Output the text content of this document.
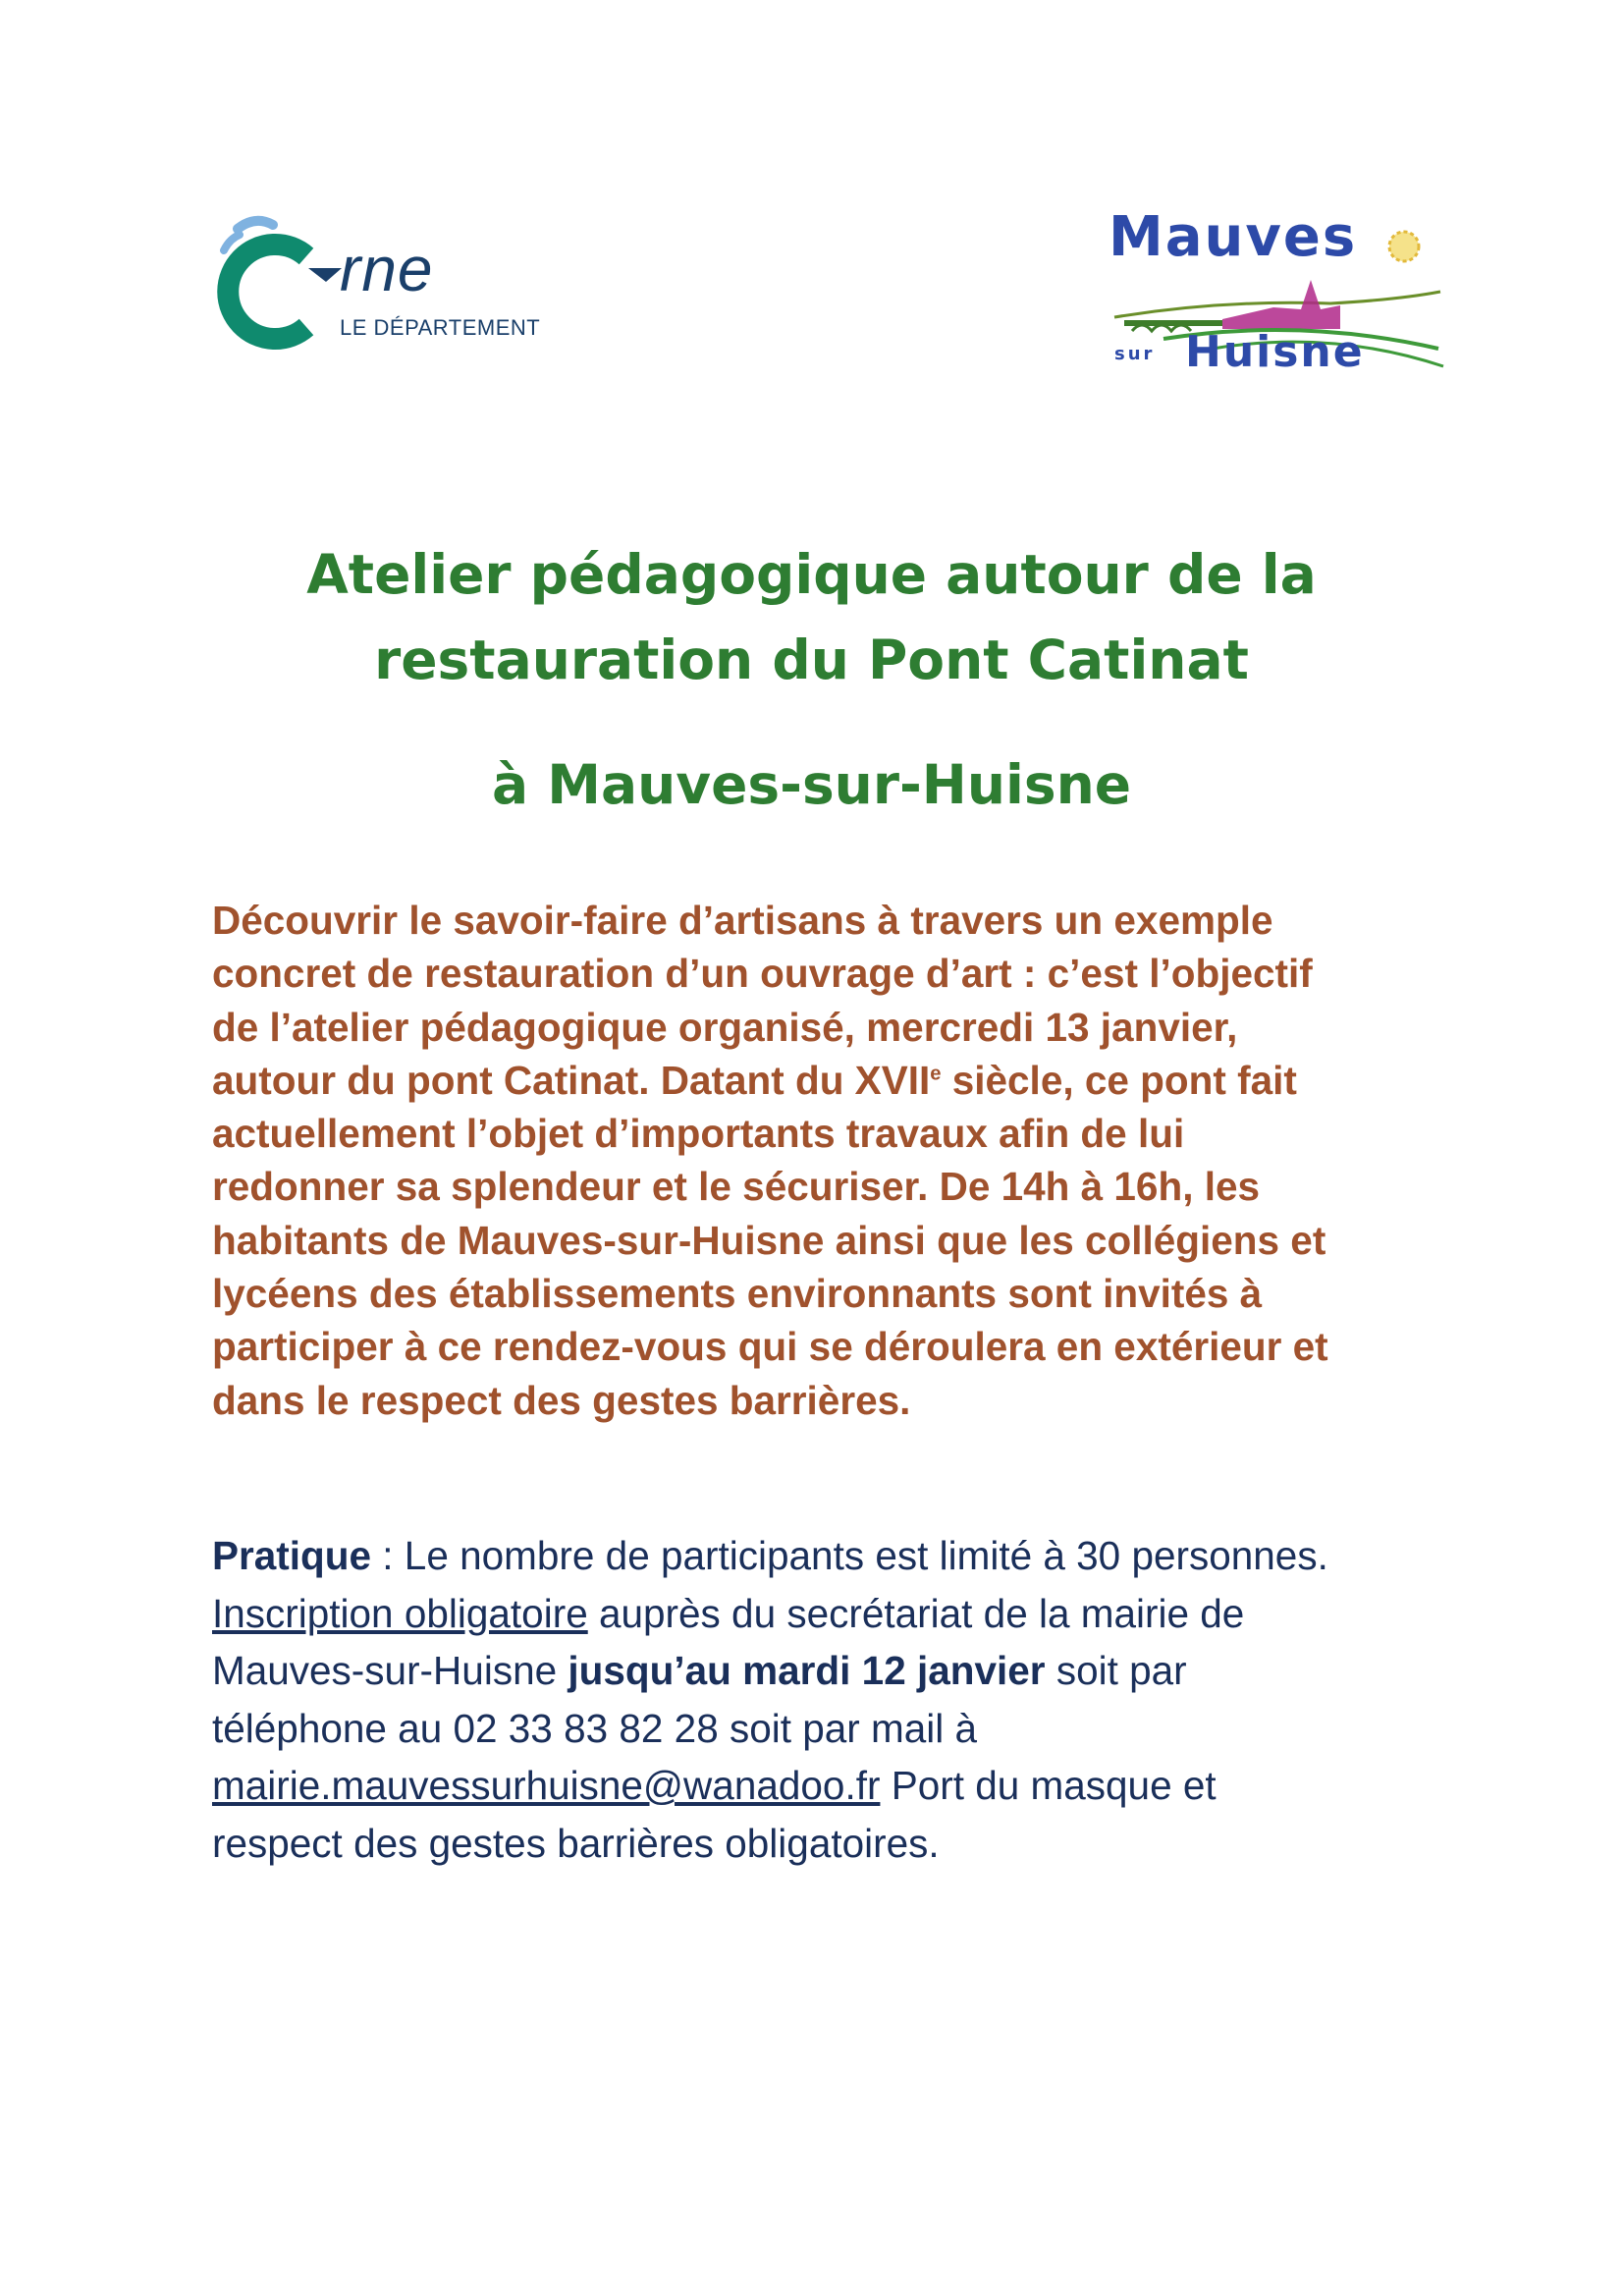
rne
LE DÉPARTEMENT
Mauves
sur Huisne
Atelier pédagogique autour de la
restauration du Pont Catinat
à Mauves-sur-Huisne
Découvrir le savoir-faire d’artisans à travers un exemple
concret de restauration d’un ouvrage d’art : c’est l’objectif
de l’atelier pédagogique organisé, mercredi 13 janvier,
autour du pont Catinat. Datant du XVIIe siècle, ce pont fait
actuellement l’objet d’importants travaux afin de lui
redonner sa splendeur et le sécuriser. De 14h à 16h, les
habitants de Mauves-sur-Huisne ainsi que les collégiens et
lycéens des établissements environnants sont invités à
participer à ce rendez-vous qui se déroulera en extérieur et
dans le respect des gestes barrières.
Pratique : Le nombre de participants est limité à 30 personnes.
Inscription obligatoire auprès du secrétariat de la mairie de
Mauves-sur-Huisne jusqu’au mardi 12 janvier soit par
téléphone au 02 33 83 82 28 soit par mail à
mairie.mauvessurhuisne@wanadoo.fr Port du masque et
respect des gestes barrières obligatoires.
